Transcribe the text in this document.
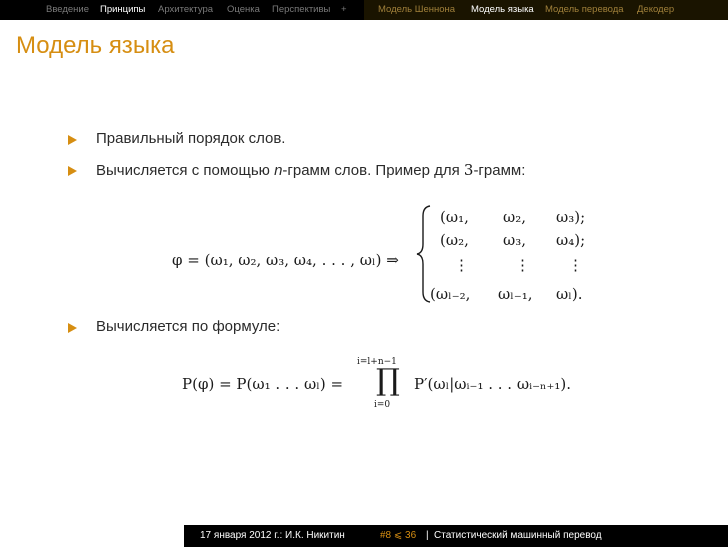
Введение Принципы Архитектура Оценка Перспективы +	Модель Шеннона Модель языка Модель перевода Декодер
Модель языка
Правильный порядок слов.
Вычисляется с помощью n-грамм слов. Пример для 3-грамм:
φ = (ω₁, ω₂, ω₃, ω₄, . . . , ωₗ) ⇒
(ω₁, ω₂, ω₃);
(ω₂, ω₃, ω₄);
⋮	⋮	⋮
(ωₗ₋₂, ωₗ₋₁, ωₗ).
Вычисляется по формуле:
P(φ) = P(ω₁ . . . ωₗ) =
i=l+n−1
∏
i=0
P′(ωₗ|ωᵢ₋₁ . . . ωᵢ₋ₙ₊₁).
17 января 2012 г.: И.К. Никитин	#8 ⩽ 36 | Статистический машинный перевод
